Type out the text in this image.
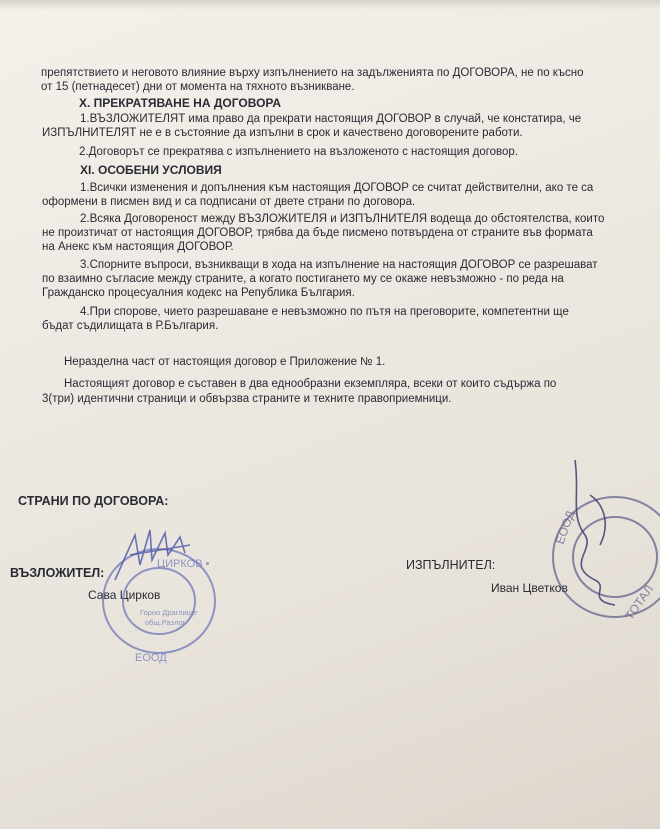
препятствието и неговото влияние върху изпълнението на задълженията по ДОГОВОРА, не по късно
от 15 (петнадесет) дни от момента на тяхното възникване.
X. ПРЕКРАТЯВАНЕ НА ДОГОВОРА
1.ВЪЗЛОЖИТЕЛЯТ има право да прекрати настоящия ДОГОВОР в случай, че констатира, че
ИЗПЪЛНИТЕЛЯТ не е в състояние да изпълни в срок и качествено договорените работи.
2.Договорът се прекратява с изпълнението на възложеното с настоящия договор.
XI. ОСОБЕНИ УСЛОВИЯ
1.Всички изменения и допълнения към настоящия ДОГОВОР се считат действителни, ако те са
оформени в писмен вид и са подписани от двете страни по договора.
2.Всяка Договореност между ВЪЗЛОЖИТЕЛЯ и ИЗПЪЛНИТЕЛЯ водеща до обстоятелства, които
не произтичат от настоящия ДОГОВОР, трябва да бъде писмено потвърдена от страните във формата
на Анекс към настоящия ДОГОВОР.
3.Спорните въпроси, възникващи в хода на изпълнение на настоящия ДОГОВОР се разрешават
по взаимно съгласие между страните, а когато постигането му се окаже невъзможно - по реда на
Гражданско процесуалния кодекс на Република България.
4.При спорове, чието разрешаване е невъзможно по пътя на преговорите, компетентни ще
бъдат съдилищата в Р.България.
Неразделна част от настоящия договор е Приложение № 1.
Настоящият договор е съставен в два еднообразни екземпляра, всеки от които съдържа по
3(три) идентични страници и обвързва страните и техните правоприемници.
СТРАНИ ПО ДОГОВОРА:
ВЪЗЛОЖИТЕЛ:
Сава Цирков
ИЗПЪЛНИТЕЛ:
Иван Цветков
ЦИРКОВ •
ЕООД
Горно Драглище
общ.Разлог
ТОТАЛ
ЕООД
